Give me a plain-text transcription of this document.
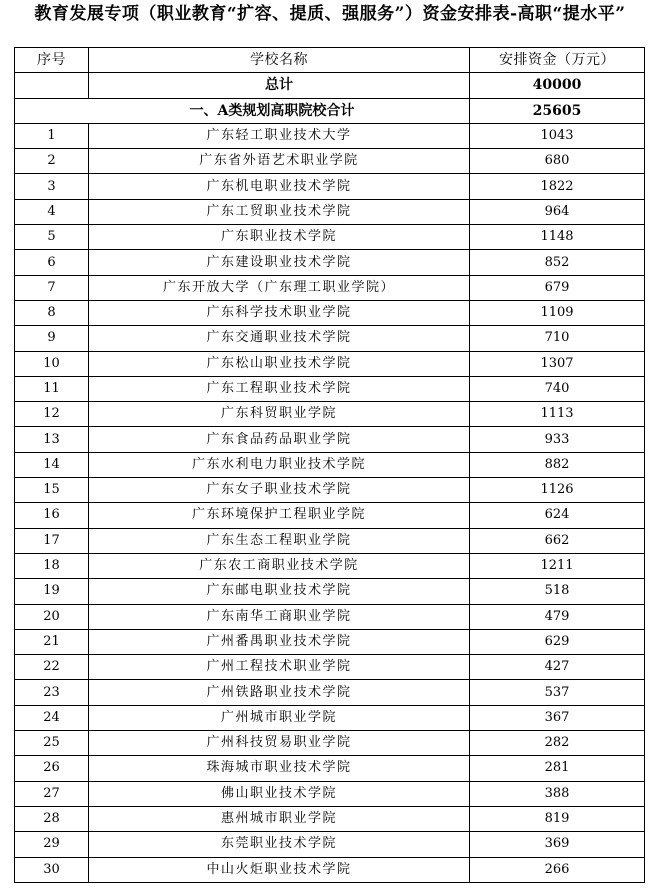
教育发展专项（职业教育“扩容、提质、强服务”）资金安排表-高职“提水平”
序号	学校名称	安排资金（万元）
	总计	40000
一、A类规划高职院校合计		25605
1	广东轻工职业技术大学	1043
2	广东省外语艺术职业学院	680
3	广东机电职业技术学院	1822
4	广东工贸职业技术学院	964
5	广东职业技术学院	1148
6	广东建设职业技术学院	852
7	广东开放大学（广东理工职业学院）	679
8	广东科学技术职业学院	1109
9	广东交通职业技术学院	710
10	广东松山职业技术学院	1307
11	广东工程职业技术学院	740
12	广东科贸职业学院	1113
13	广东食品药品职业学院	933
14	广东水利电力职业技术学院	882
15	广东女子职业技术学院	1126
16	广东环境保护工程职业学院	624
17	广东生态工程职业学院	662
18	广东农工商职业技术学院	1211
19	广东邮电职业技术学院	518
20	广东南华工商职业学院	479
21	广州番禺职业技术学院	629
22	广州工程技术职业学院	427
23	广州铁路职业技术学院	537
24	广州城市职业学院	367
25	广州科技贸易职业学院	282
26	珠海城市职业技术学院	281
27	佛山职业技术学院	388
28	惠州城市职业学院	819
29	东莞职业技术学院	369
30	中山火炬职业技术学院	266
